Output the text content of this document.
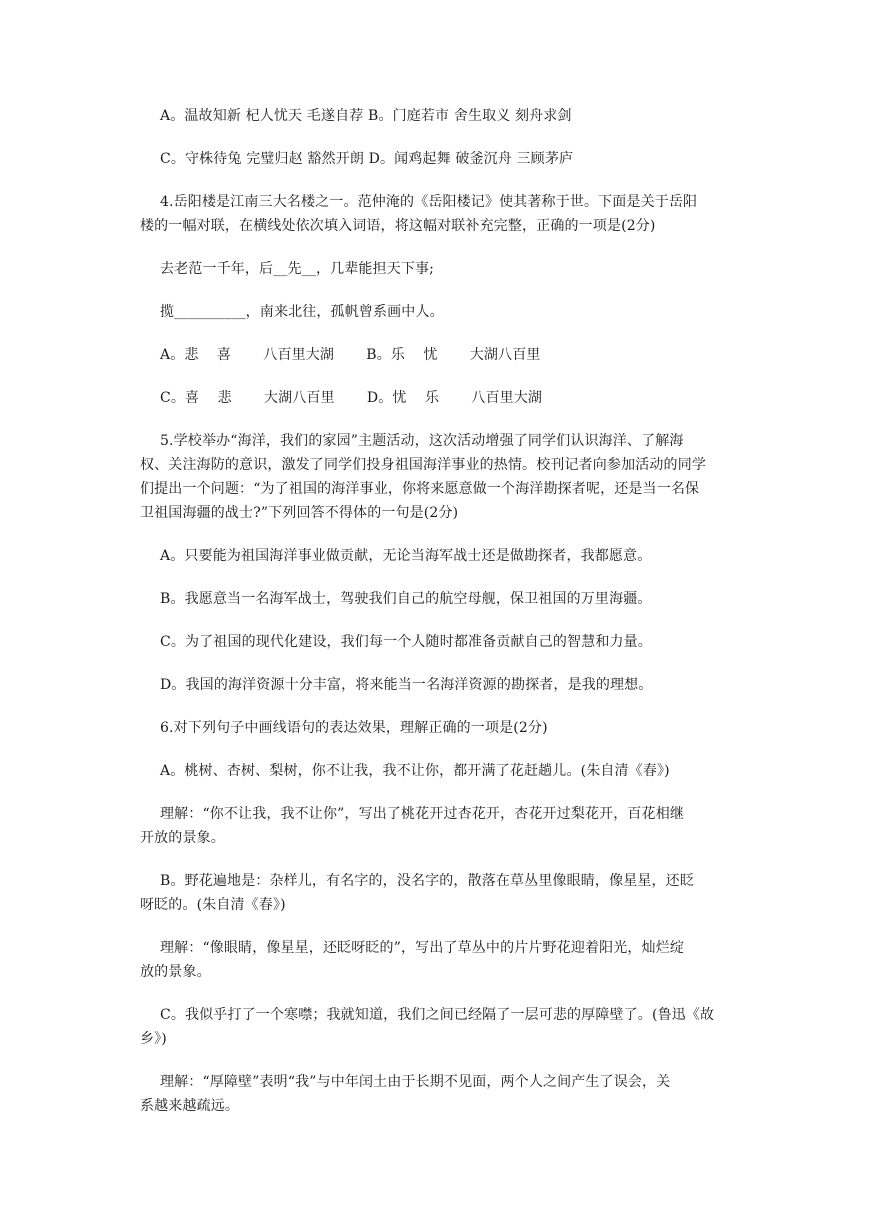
A。温故知新 杞人忧天 毛遂自荐 B。门庭若市 舍生取义 刻舟求剑
C。守株待兔 完璧归赵 豁然开朗 D。闻鸡起舞 破釜沉舟 三顾茅庐
4.岳阳楼是江南三大名楼之一。范仲淹的《岳阳楼记》使其著称于世。下面是关于岳阳
楼的一幅对联，在横线处依次填入词语，将这幅对联补充完整，正确的一项是(2分)
去老范一千年，后__先__，几辈能担天下事;
揽__________，南来北往，孤帆曾系画中人。
A。悲    喜       八百里大湖       B。乐    忧       大湖八百里
C。喜    悲       大湖八百里       D。忧    乐       八百里大湖
5.学校举办“海洋，我们的家园”主题活动，这次活动增强了同学们认识海洋、了解海
权、关注海防的意识，激发了同学们投身祖国海洋事业的热情。校刊记者向参加活动的同学
们提出一个问题：“为了祖国的海洋事业，你将来愿意做一个海洋勘探者呢，还是当一名保
卫祖国海疆的战士?”下列回答不得体的一句是(2分)
A。只要能为祖国海洋事业做贡献，无论当海军战士还是做勘探者，我都愿意。
B。我愿意当一名海军战士，驾驶我们自己的航空母舰，保卫祖国的万里海疆。
C。为了祖国的现代化建设，我们每一个人随时都准备贡献自己的智慧和力量。
D。我国的海洋资源十分丰富，将来能当一名海洋资源的勘探者，是我的理想。
6.对下列句子中画线语句的表达效果，理解正确的一项是(2分)
A。桃树、杏树、梨树，你不让我，我不让你，都开满了花赶趟儿。(朱自清《春》)
理解：“你不让我，我不让你”，写出了桃花开过杏花开，杏花开过梨花开，百花相继
开放的景象。
B。野花遍地是：杂样儿，有名字的，没名字的，散落在草丛里像眼睛，像星星，还眨
呀眨的。(朱自清《春》)
理解：“像眼睛，像星星，还眨呀眨的”，写出了草丛中的片片野花迎着阳光，灿烂绽
放的景象。
C。我似乎打了一个寒噤；我就知道，我们之间已经隔了一层可悲的厚障壁了。(鲁迅《故
乡》)
理解：“厚障壁”表明“我”与中年闰土由于长期不见面，两个人之间产生了误会，关
系越来越疏远。
